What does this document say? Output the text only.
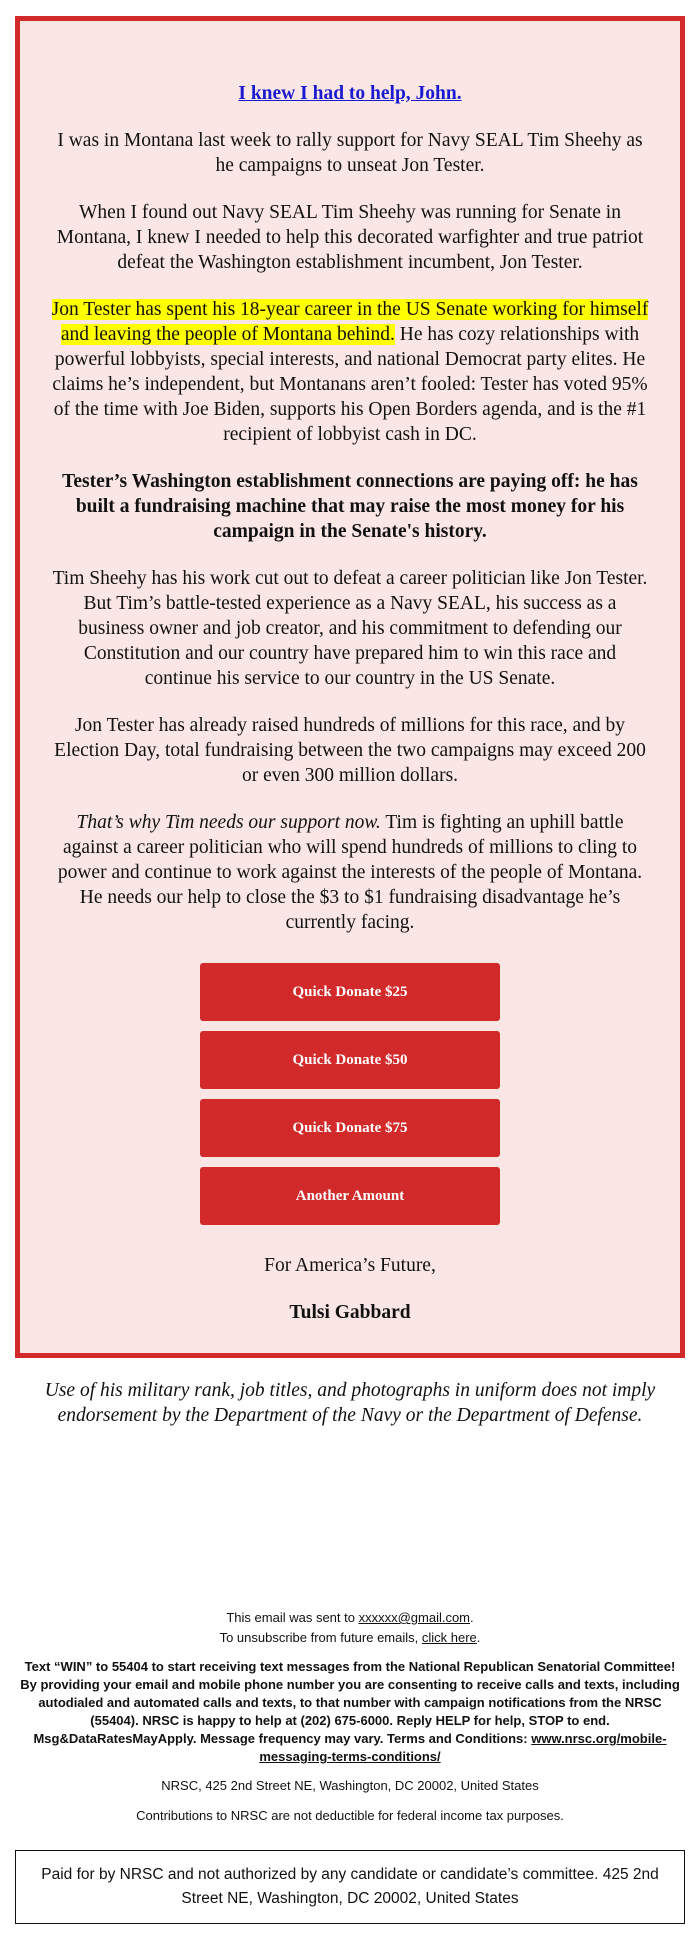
I knew I had to help, John.

I was in Montana last week to rally support for Navy SEAL Tim Sheehy as he campaigns to unseat Jon Tester.

When I found out Navy SEAL Tim Sheehy was running for Senate in Montana, I knew I needed to help this decorated warfighter and true patriot defeat the Washington establishment incumbent, Jon Tester.

Jon Tester has spent his 18-year career in the US Senate working for himself and leaving the people of Montana behind. He has cozy relationships with powerful lobbyists, special interests, and national Democrat party elites. He claims he’s independent, but Montanans aren’t fooled: Tester has voted 95% of the time with Joe Biden, supports his Open Borders agenda, and is the #1 recipient of lobbyist cash in DC.

Tester’s Washington establishment connections are paying off: he has built a fundraising machine that may raise the most money for his campaign in the Senate's history.

Tim Sheehy has his work cut out to defeat a career politician like Jon Tester. But Tim’s battle-tested experience as a Navy SEAL, his success as a business owner and job creator, and his commitment to defending our Constitution and our country have prepared him to win this race and continue his service to our country in the US Senate.

Jon Tester has already raised hundreds of millions for this race, and by Election Day, total fundraising between the two campaigns may exceed 200 or even 300 million dollars.

That’s why Tim needs our support now. Tim is fighting an uphill battle against a career politician who will spend hundreds of millions to cling to power and continue to work against the interests of the people of Montana. He needs our help to close the $3 to $1 fundraising disadvantage he’s currently facing.

Quick Donate $25
Quick Donate $50
Quick Donate $75
Another Amount

For America’s Future,

Tulsi Gabbard

Use of his military rank, job titles, and photographs in uniform does not imply endorsement by the Department of the Navy or the Department of Defense.

This email was sent to xxxxxx@gmail.com.

To unsubscribe from future emails, click here.

Text “WIN” to 55404 to start receiving text messages from the National Republican Senatorial Committee! By providing your email and mobile phone number you are consenting to receive calls and texts, including autodialed and automated calls and texts, to that number with campaign notifications from the NRSC (55404). NRSC is happy to help at (202) 675-6000. Reply HELP for help, STOP to end. Msg&DataRatesMayApply. Message frequency may vary. Terms and Conditions: www.nrsc.org/mobile-messaging-terms-conditions/

NRSC, 425 2nd Street NE, Washington, DC 20002, United States

Contributions to NRSC are not deductible for federal income tax purposes.

Paid for by NRSC and not authorized by any candidate or candidate’s committee. 425 2nd Street NE, Washington, DC 20002, United States
